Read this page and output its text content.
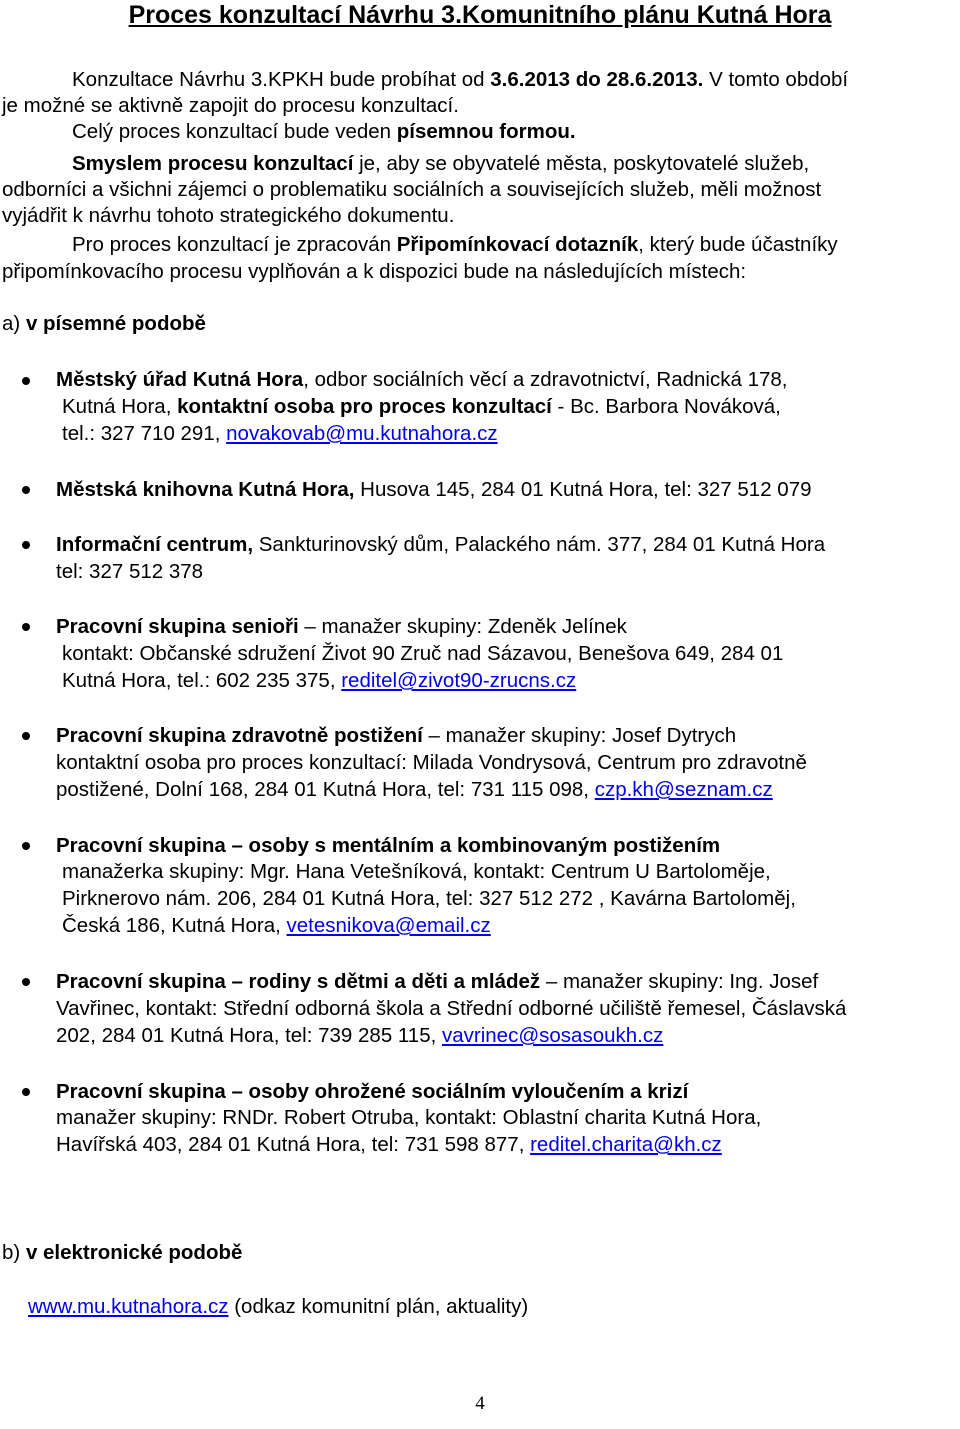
Proces konzultací Návrhu 3.Komunitního plánu Kutná Hora
Konzultace Návrhu 3.KPKH bude probíhat od 3.6.2013 do 28.6.2013. V tomto období
je možné se aktivně zapojit do procesu konzultací.
Celý proces konzultací bude veden písemnou formou.
Smyslem procesu konzultací je, aby se obyvatelé města, poskytovatelé služeb,
odborníci a všichni zájemci o problematiku sociálních a souvisejících služeb, měli možnost
vyjádřit k návrhu tohoto strategického dokumentu.
Pro proces konzultací je zpracován Připomínkovací dotazník, který bude účastníky
připomínkovacího procesu vyplňován a k dispozici bude na následujících místech:
a) v písemné podobě
Městský úřad Kutná Hora, odbor sociálních věcí a zdravotnictví, Radnická 178,
Kutná Hora, kontaktní osoba pro proces konzultací - Bc. Barbora Nováková,
tel.: 327 710 291, novakovab@mu.kutnahora.cz
Městská knihovna Kutná Hora, Husova 145, 284 01 Kutná Hora, tel: 327 512 079
Informační centrum, Sankturinovský dům, Palackého nám. 377, 284 01 Kutná Hora
tel: 327 512 378
Pracovní skupina senioři – manažer skupiny: Zdeněk Jelínek
kontakt: Občanské sdružení Život 90 Zruč nad Sázavou, Benešova 649, 284 01
Kutná Hora, tel.: 602 235 375, reditel@zivot90-zrucns.cz
Pracovní skupina zdravotně postižení – manažer skupiny: Josef Dytrych
kontaktní osoba pro proces konzultací: Milada Vondrysová, Centrum pro zdravotně
postižené, Dolní 168, 284 01 Kutná Hora, tel: 731 115 098, czp.kh@seznam.cz
Pracovní skupina – osoby s mentálním a kombinovaným postižením
manažerka skupiny: Mgr. Hana Vetešníková, kontakt: Centrum U Bartoloměje,
Pirknerovo nám. 206, 284 01 Kutná Hora, tel: 327 512 272 , Kavárna Bartoloměj,
Česká 186, Kutná Hora, vetesnikova@email.cz
Pracovní skupina – rodiny s dětmi a děti a mládež – manažer skupiny: Ing. Josef
Vavřinec, kontakt: Střední odborná škola a Střední odborné učiliště řemesel, Čáslavská
202, 284 01 Kutná Hora, tel: 739 285 115, vavrinec@sosasoukh.cz
Pracovní skupina – osoby ohrožené sociálním vyloučením a krizí
manažer skupiny: RNDr. Robert Otruba, kontakt: Oblastní charita Kutná Hora,
Havířská 403, 284 01 Kutná Hora, tel: 731 598 877, reditel.charita@kh.cz
b) v elektronické podobě
www.mu.kutnahora.cz (odkaz komunitní plán, aktuality)
4
